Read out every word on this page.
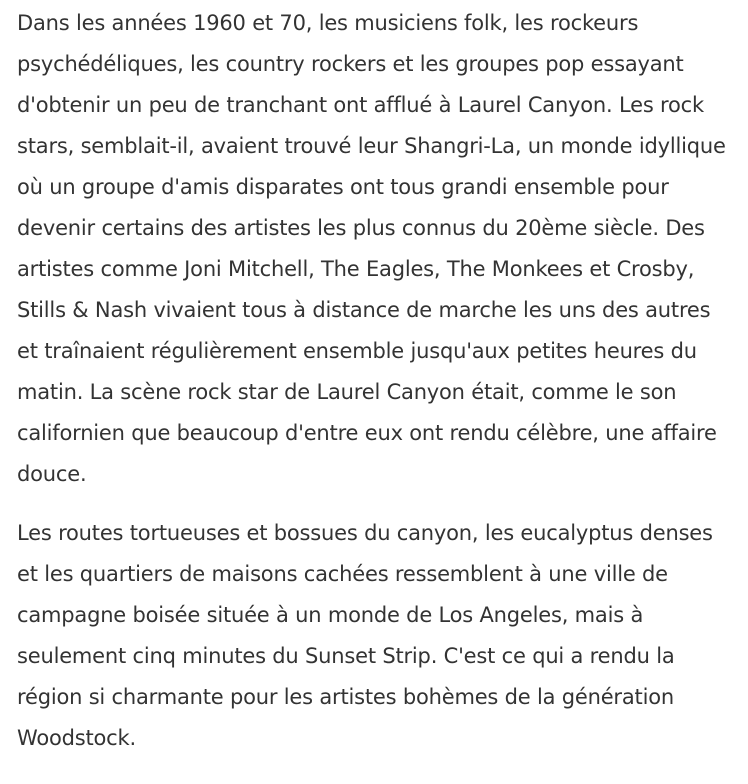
Dans les années 1960 et 70, les musiciens folk, les rockeurs psychédéliques, les country rockers et les groupes pop essayant d'obtenir un peu de tranchant ont afflué à Laurel Canyon. Les rock stars, semblait-il, avaient trouvé leur Shangri-La, un monde idyllique où un groupe d'amis disparates ont tous grandi ensemble pour devenir certains des artistes les plus connus du 20ème siècle. Des artistes comme Joni Mitchell, The Eagles, The Monkees et Crosby, Stills & Nash vivaient tous à distance de marche les uns des autres et traînaient régulièrement ensemble jusqu'aux petites heures du matin. La scène rock star de Laurel Canyon était, comme le son californien que beaucoup d'entre eux ont rendu célèbre, une affaire douce.

Les routes tortueuses et bossues du canyon, les eucalyptus denses et les quartiers de maisons cachées ressemblent à une ville de campagne boisée située à un monde de Los Angeles, mais à seulement cinq minutes du Sunset Strip. C'est ce qui a rendu la région si charmante pour les artistes bohèmes de la génération Woodstock.
